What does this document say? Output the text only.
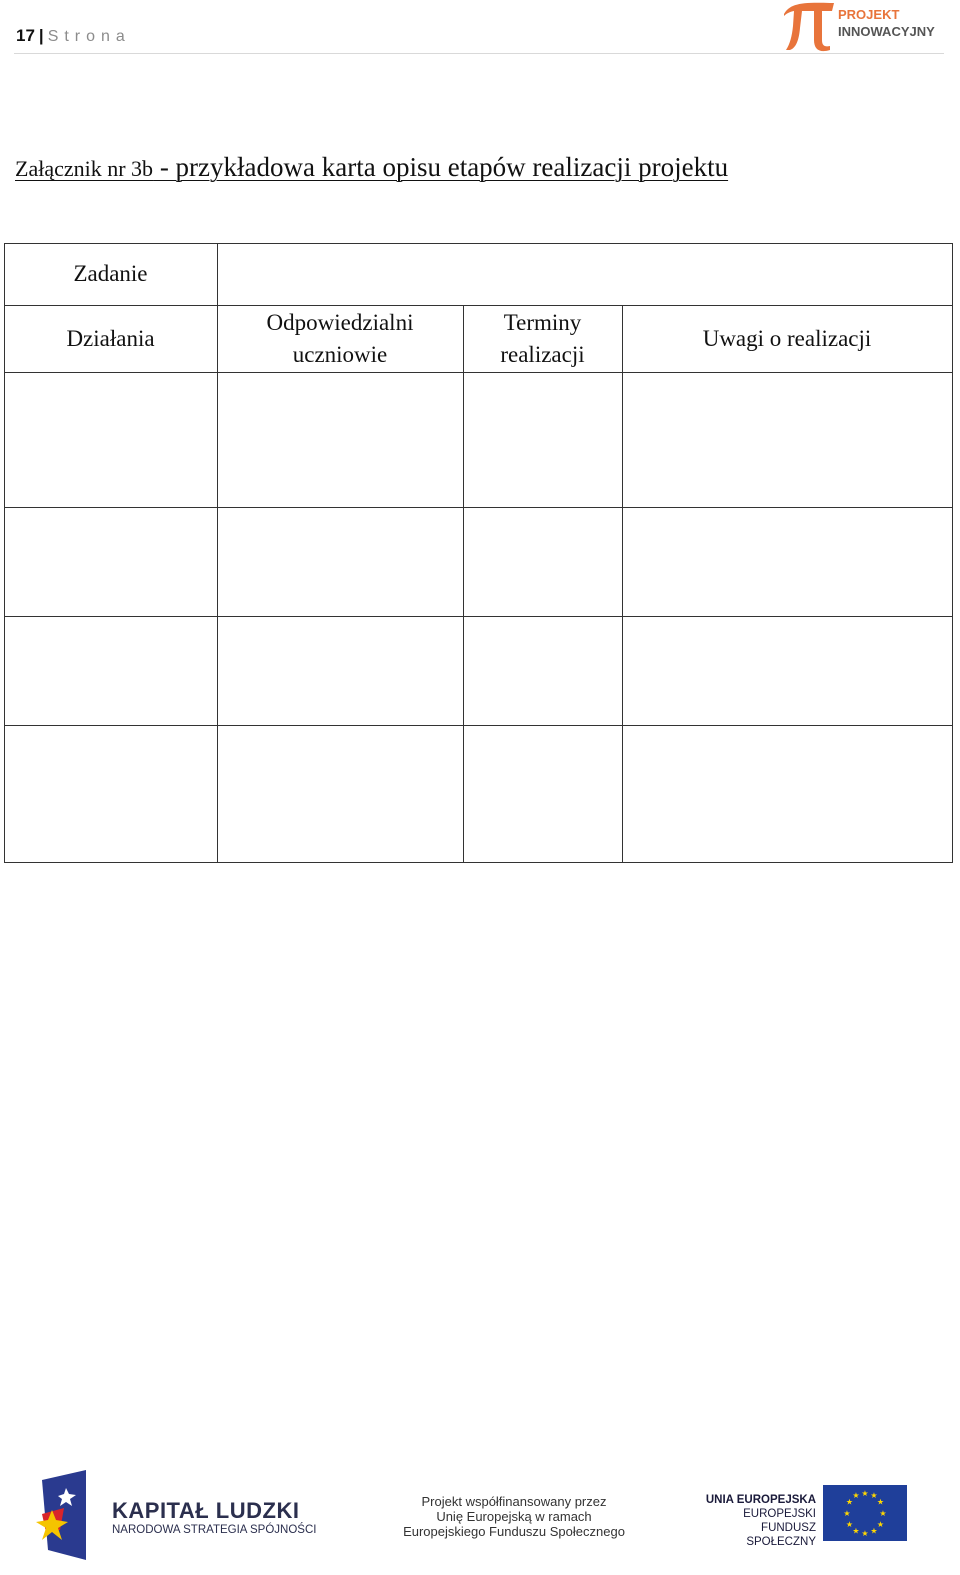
17 | Strona
PROJEKT
INNOWACYJNY
Załącznik nr 3b - przykładowa karta opisu etapów realizacji projektu
Zadanie
Działania
Odpowiedzialni
uczniowie
Terminy
realizacji
Uwagi o realizacji
KAPITAŁ LUDZKI
NARODOWA STRATEGIA SPÓJNOŚCI
Projekt współfinansowany przez
Unię Europejską w ramach
Europejskiego Funduszu Społecznego
UNIA EUROPEJSKA
EUROPEJSKI
FUNDUSZ SPOŁECZNY
★ ★
★
★
★
★
★
★
★
★
★
★
